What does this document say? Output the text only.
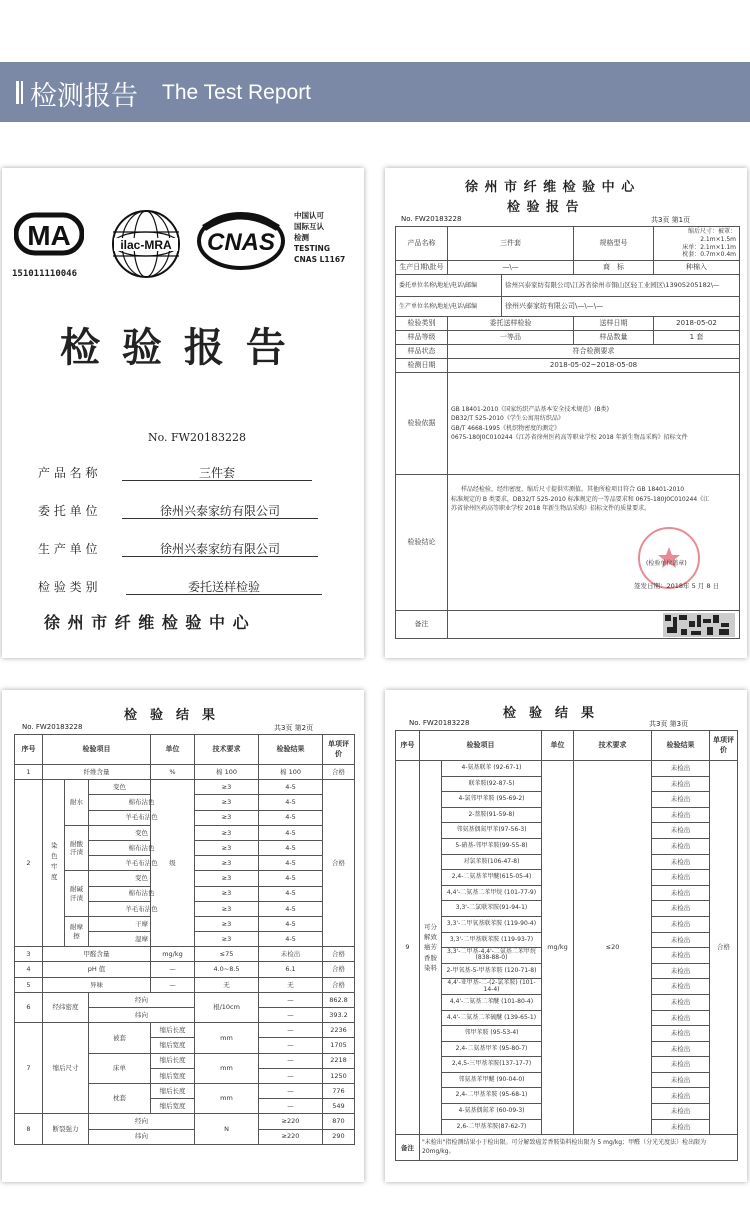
检测报告 The Test Report
MA
151011110046
ilac-MRA CNAS
中国认可
国际互认
检测
TESTING
CNAS L1167
检 验 报 告
No. FW20183228
产 品 名 称	三件套
委 托 单 位	徐州兴泰家纺有限公司
生 产 单 位	徐州兴泰家纺有限公司
检 验 类 别	委托送样检验
徐 州 市 纤 维 检 验 中 心
徐 州 市 纤 维 检 验 中 心
检 验 报 告
No. FW20183228	共3页 第1页
产品名称	三件套		规格型号	缩后尺寸：被罩：2.1m×1.5m
床单：2.1m×1.1m
枕套：0.7m×0.4m

生产日期\批号	—\—		商　标	种棉入
委托单位名称\地址\电话\邮编		徐州兴泰家纺有限公司\江苏省徐州市铜山区轻工业园区\13905205182\—		
生产单位名称\地址\电话\邮编		徐州兴泰家纺有限公司\—\—\—		
检验类别	委托送样检验		送样日期	2018-05-02
样品等级	一等品		样品数量	1 套
样品状态	符合检测要求			
检测日期	2018-05-02~2018-05-08			
检验依据	GB 18401-2010《国家纺织产品基本安全技术规范》(B类)
DB32/T 525-2010《学生公寓用纺织品》
GB/T 4668-1995《机织物密度的测定》
0675-180J0C010244《江苏省徐州医药高等职业学校 2018 年新生物品采购》招标文件			

检验结论	样品经检验，经纬密度、缩后尺寸提供实测值。其他所检项目符合 GB 18401-2010
标准规定的 B 类要求，DB32/T 525-2010 标准规定的一等品要求和 0675-180J0C010244《江
苏省徐州医药高等职业学校 2018 年新生物品采购》招标文件的质量要求。
(检验单位盖章)
签发日期：2018年 5 月 8 日			

备注	
检　验　结　果
No. FW20183228	共3页 第2页
序号	检验项目			单位	技术要求	检验结果	单项评价	
1	纤维含量			%	棉 100	棉 100	合格	
2	染色牢度	耐水	变色	级	≥3	4-5	合格	
			棉布沾色		≥3	4-5		
			羊毛布沾色		≥3	4-5		
		耐酸汗渍	变色		≥3	4-5		
			棉布沾色		≥3	4-5		
			羊毛布沾色		≥3	4-5		
		耐碱汗渍	变色		≥3	4-5		
			棉布沾色		≥3	4-5		
			羊毛布沾色		≥3	4-5		
		耐摩擦	干摩		≥3	4-5		
			湿摩		≥3	4-5		
3	甲醛含量			mg/kg	≤75	未检出	合格	
4	pH 值			—	4.0~8.5	6.1	合格	
5	异味			—	无	无	合格	
6	经纬密度		经向		根/10cm	—	862.8	
			纬向			—	393.2	
7	缩后尺寸		被套	缩后长度	mm	—	2236	
				缩后宽度		—	1705	
			床单	缩后长度	mm	—	2218	
				缩后宽度		—	1250	
			枕套	缩后长度	mm	—	776	
				缩后宽度		—	549	
8	断裂强力		经向		N	≥220	870	
			纬向			≥220	290	
检　验　结　果
No. FW20183228	共3页 第3页
序号	检验项目		单位	技术要求	检验结果	单项评价
9	可分解致癌芳香胺染料	4-氨基联苯 (92-67-1)	mg/kg	≤20	未检出	合格
		联苯胺(92-87-5)			未检出	
		4-氯邻甲苯胺 (95-69-2)			未检出	
		2-萘胺(91-59-8)			未检出	
		邻氨基偶氮甲苯(97-56-3)			未检出	
		5-硝基-邻甲苯胺(99-55-8)			未检出	
		对氯苯胺(106-47-8)			未检出	
		2,4-二氨基苯甲醚(615-05-4)			未检出	
		4,4'-二氨基二苯甲烷 (101-77-9)			未检出	
		3,3'-二氯联苯胺(91-94-1)			未检出	
		3,3'-二甲氧基联苯胺 (119-90-4)			未检出	
		3,3'-二甲基联苯胺 (119-93-7)			未检出	
		3,3'-二甲基-4,4'-二氨基二苯甲烷(838-88-0)			未检出	
		2-甲氧基-5-甲基苯胺 (120-71-8)			未检出	
		4,4'-亚甲基-二-(2-氯苯胺) (101-14-4)			未检出	
		4,4'-二氨基二苯醚 (101-80-4)			未检出	
		4,4'-二氨基二苯硫醚 (139-65-1)			未检出	
		邻甲苯胺 (95-53-4)			未检出	
		2,4-二氨基甲苯 (95-80-7)			未检出	
		2,4,5-三甲基苯胺(137-17-7)			未检出	
		邻氨基苯甲醚 (90-04-0)			未检出	
		2,4-二甲基苯胺 (95-68-1)			未检出	
		4-氨基偶氮苯 (60-09-3)			未检出	
		2,6-二甲基苯胺(87-62-7)			未检出	
备注	"未检出"指检测结果小于检出限。可分解致癌芳香胺染料检出限为 5 mg/kg；甲醛（分光光度法）检出限为 20mg/kg。					
